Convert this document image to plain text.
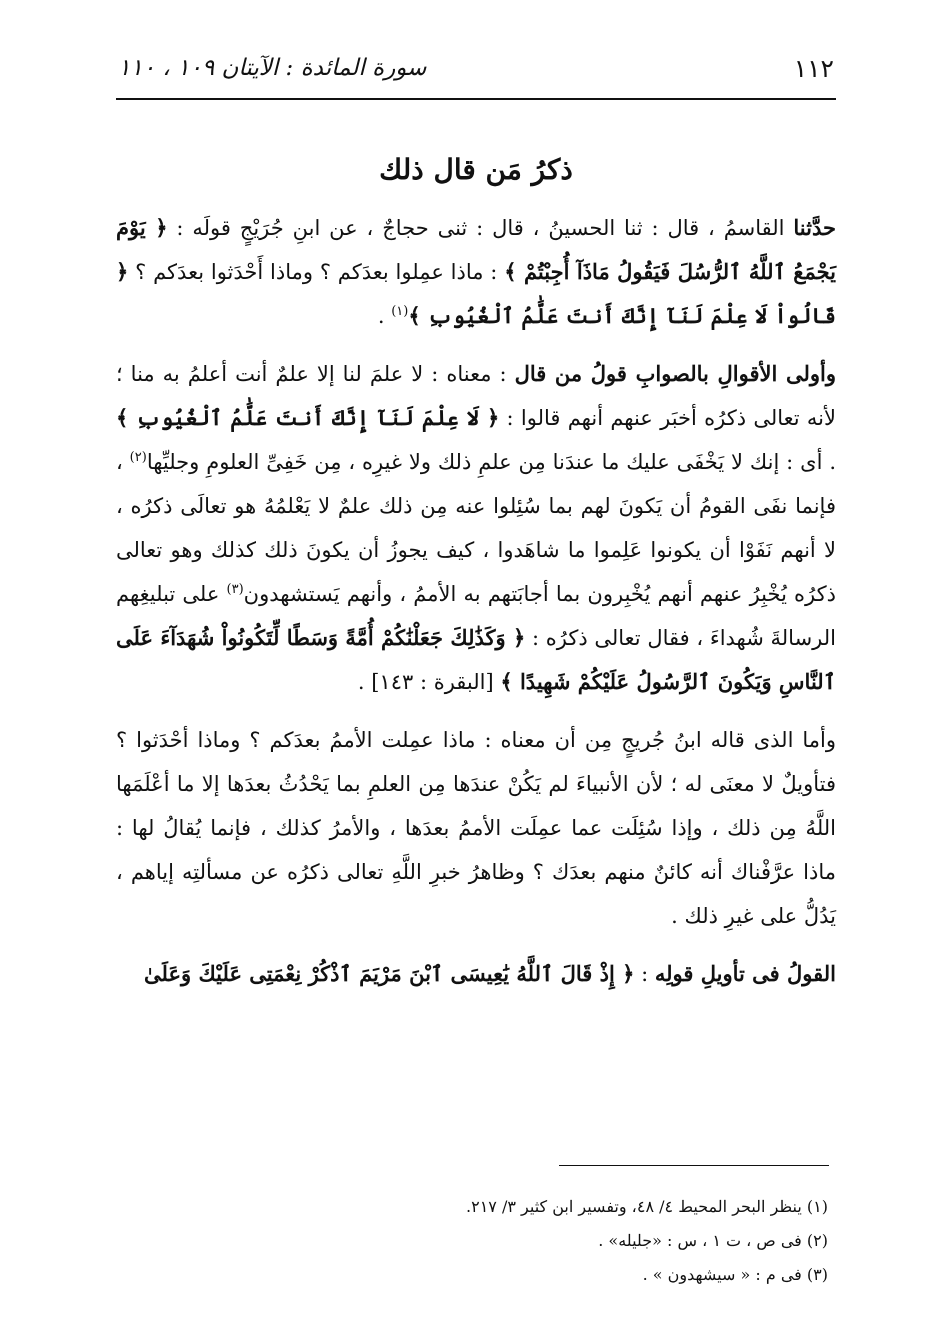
١١٢
سورة المائدة : الآيتان ١٠٩ ، ١١٠
ذكرُ مَن قال ذلك

حدَّثنا القاسمُ ، قال : ثنا الحسينُ ، قال : ثنى حجاجٌ ، عن ابنِ جُرَيْجٍ قولَه : ﴿ يَوْمَ يَجْمَعُ ٱللَّهُ ٱلرُّسُلَ فَيَقُولُ مَاذَآ أُجِبْتُمْ ﴾ : ماذا عمِلوا بعدَكم ؟ وماذا أَحْدَثوا بعدَكم ؟ ﴿ قَالُواْ لَا عِلْمَ لَنَآ إِنَّكَ أَنتَ عَلَّٰمُ ٱلْغُيُوبِ ﴾$^{(١)}$ .

وأولى الأقوالِ بالصوابِ قولُ من قال : معناه : لا علمَ لنا إلا علمٌ أنت أعلمُ به منا ؛ لأنه تعالى ذكرُه أخبَر عنهم أنهم قالوا : ﴿ لَا عِلْمَ لَنَآ إِنَّكَ أَنتَ عَلَّٰمُ ٱلْغُيُوبِ ﴾ . أى : إنك لا يَخْفَى عليك ما عندَنا مِن علمِ ذلك ولا غيرِه ، مِن خَفِىِّ العلومِ وجليِّها$^{(٢)}$ ، فإنما نفَى القومُ أن يَكونَ لهم بما سُئِلوا عنه مِن ذلك علمٌ لا يَعْلمُهُ هو تعالَى ذكرُه ، لا أنهم نَفَوْا أن يكونوا عَلِموا ما شاهَدوا ، كيف يجوزُ أن يكونَ ذلك كذلك وهو تعالى ذكرُه يُخْبِرُ عنهم أنهم يُخْبِرون بما أجابَتهم به الأممُ ، وأنهم يَستشهدون$^{(٣)}$ على تبليغِهم الرسالةَ شُهداءَ ، فقال تعالى ذكرُه : ﴿ وَكَذَٰلِكَ جَعَلْنَٰكُمْ أُمَّةً وَسَطًا لِّتَكُونُواْ شُهَدَآءَ عَلَى ٱلنَّاسِ وَيَكُونَ ٱلرَّسُولُ عَلَيْكُمْ شَهِيدًا ﴾ [البقرة : ١٤٣] .

وأما الذى قاله ابنُ جُريجٍ مِن أن معناه : ماذا عمِلت الأممُ بعدَكم ؟ وماذا أحْدَثوا ؟ فتأويلٌ لا معنَى له ؛ لأن الأنبياءَ لم يَكُنْ عندَها مِن العلمِ بما يَحْدُثُ بعدَها إلا ما أعْلَمَها اللَّهُ مِن ذلك ، وإذا سُئِلَت عما عمِلَت الأممُ بعدَها ، والأمرُ كذلك ، فإنما يُقالُ لها : ماذا عرَّفْناك أنه كائنٌ منهم بعدَك ؟ وظاهرُ خبرِ اللَّهِ تعالى ذكرُه عن مسألتِه إياهم ، يَدُلُّ على غيرِ ذلك .

القولُ فى تأويلِ قولِه : ﴿ إِذْ قَالَ ٱللَّهُ يَٰعِيسَى ٱبْنَ مَرْيَمَ ٱذْكُرْ نِعْمَتِى عَلَيْكَ وَعَلَىٰ

(١) ينظر البحر المحيط ٤/ ٤٨، وتفسير ابن كثير ٣/ ٢١٧.

(٢) فى ص ، ت ١ ، س : «جليله» .

(٣) فى م : « سيشهدون » .
